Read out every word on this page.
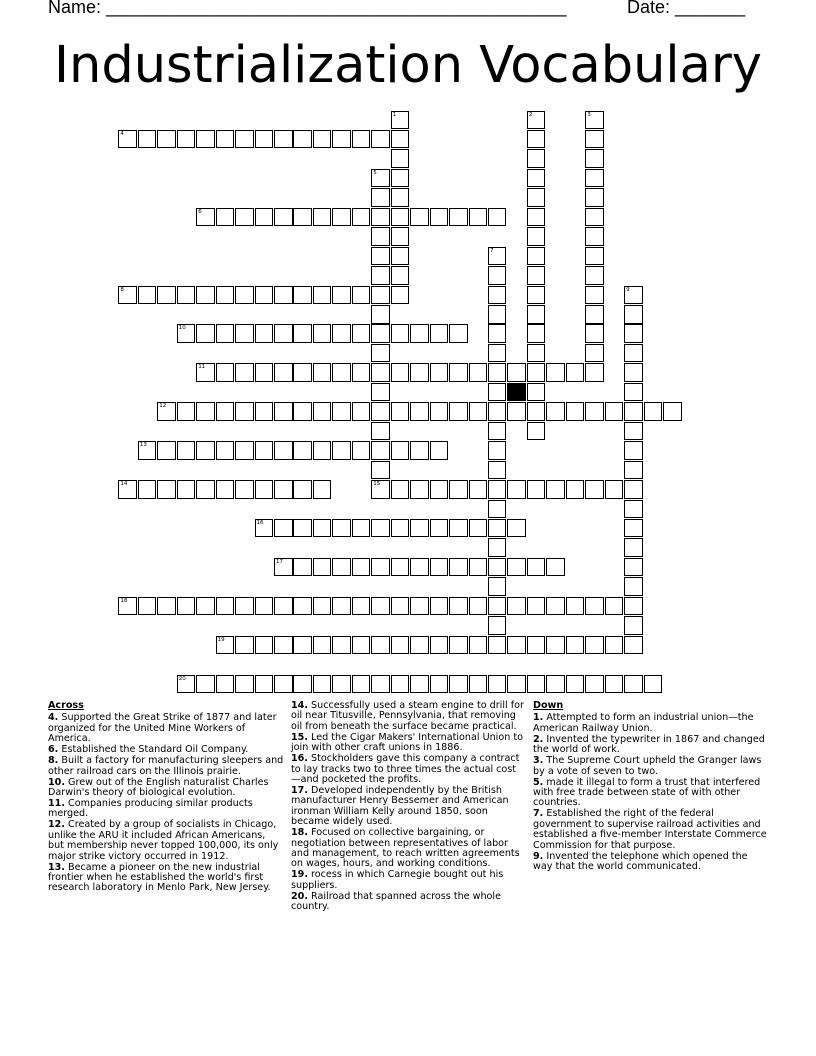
Name: ______________________________________________	Date: _______
Industrialization Vocabulary
1	2	3
4
5
6
7
8	9
10
11
12
13
14	15
16
17
18
19
20
Across
4. Supported the Great Strike of 1877 and later organized for the United Mine Workers of America.
6. Established the Standard Oil Company.
8. Built a factory for manufacturing sleepers and other railroad cars on the Illinois prairie.
10. Grew out of the English naturalist Charles Darwin's theory of biological evolution.
11. Companies producing similar products merged.
12. Created by a group of socialists in Chicago, unlike the ARU it included African Americans, but membership never topped 100,000, its only major strike victory occurred in 1912.
13. Became a pioneer on the new industrial frontier when he established the world's first research laboratory in Menlo Park, New Jersey.
14. Successfully used a steam engine to drill for oil near Titusville, Pennsylvania, that removing oil from beneath the surface became practical.
15. Led the Cigar Makers' International Union to join with other craft unions in 1886.
16. Stockholders gave this company a contract to lay tracks two to three times the actual cost—and pocketed the profits.
17. Developed independently by the British manufacturer Henry Bessemer and American ironman William Kelly around 1850, soon became widely used.
18. Focused on collective bargaining, or negotiation between representatives of labor and management, to reach written agreements on wages, hours, and working conditions.
19. rocess in which Carnegie bought out his suppliers.
20. Railroad that spanned across the whole country.
Down
1. Attempted to form an industrial union—the American Railway Union.
2. Invented the typewriter in 1867 and changed the world of work.
3. The Supreme Court upheld the Granger laws by a vote of seven to two.
5. made it illegal to form a trust that interfered with free trade between state of with other countries.
7. Established the right of the federal government to supervise railroad activities and established a five-member Interstate Commerce Commission for that purpose.
9. Invented the telephone which opened the way that the world communicated.
